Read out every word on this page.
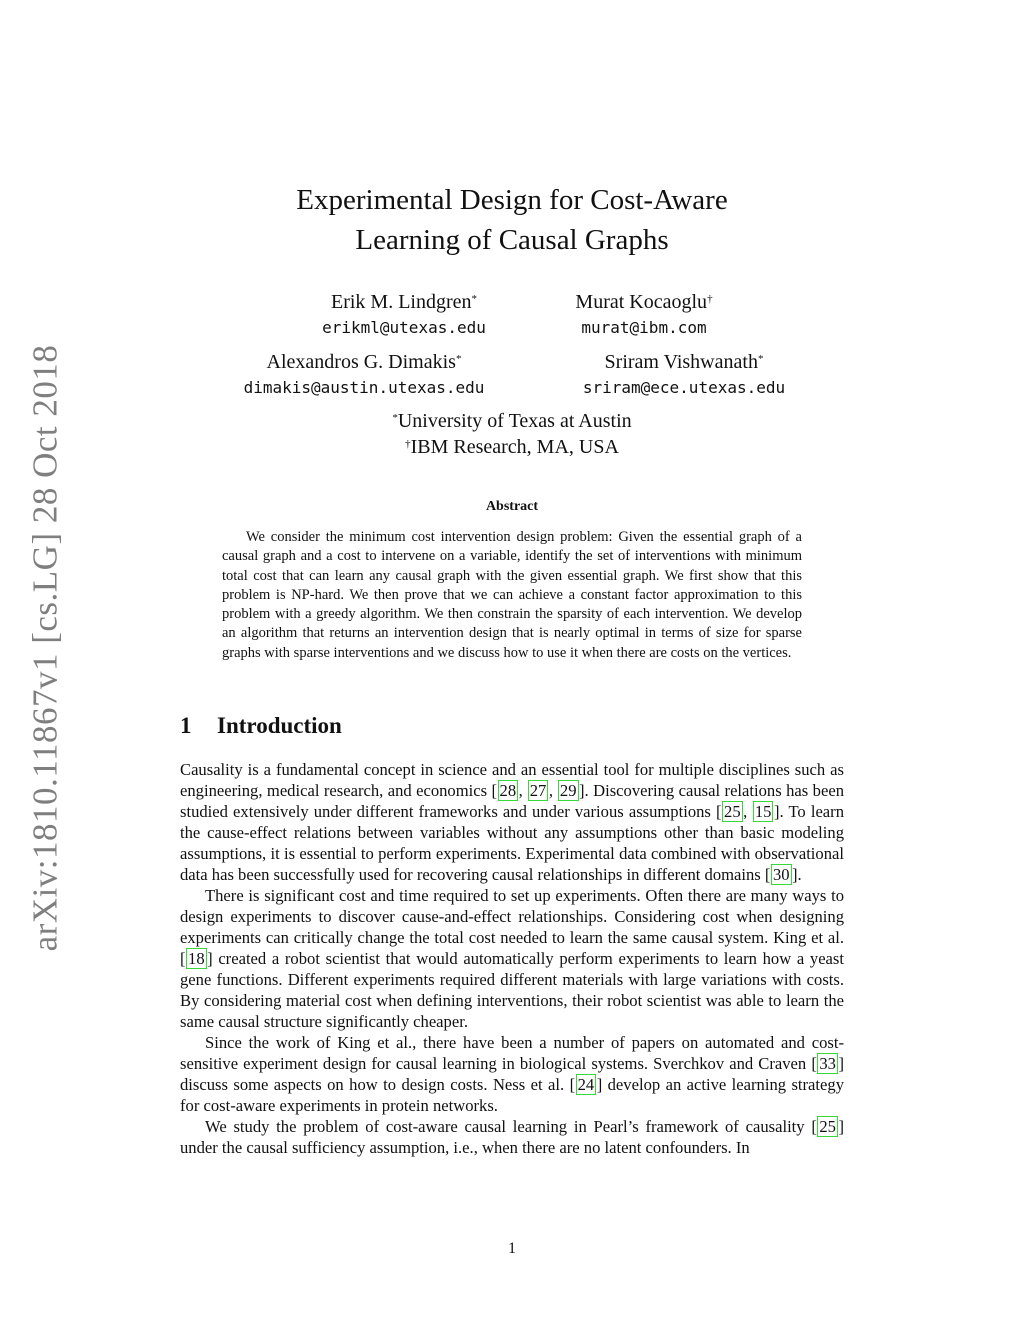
arXiv:1810.11867v1 [cs.LG] 28 Oct 2018
Experimental Design for Cost-Aware
Learning of Causal Graphs
Erik M. Lindgren*
erikml@utexas.edu
Murat Kocaoglu†
murat@ibm.com
Alexandros G. Dimakis*
dimakis@austin.utexas.edu
Sriram Vishwanath*
sriram@ece.utexas.edu
*University of Texas at Austin
†IBM Research, MA, USA
Abstract
We consider the minimum cost intervention design problem: Given the essential graph of a causal graph and a cost to intervene on a variable, identify the set of interventions with minimum total cost that can learn any causal graph with the given essential graph. We first show that this problem is NP-hard. We then prove that we can achieve a constant factor approximation to this problem with a greedy algorithm. We then constrain the sparsity of each intervention. We develop an algorithm that returns an intervention design that is nearly optimal in terms of size for sparse graphs with sparse interventions and we discuss how to use it when there are costs on the vertices.
1 Introduction

Causality is a fundamental concept in science and an essential tool for multiple disciplines such as engineering, medical research, and economics [ 28 , 27 , 29 ]. Discovering causal relations has been studied extensively under different frameworks and under various assumptions [ 25 , 15 ]. To learn the cause-effect relations between variables without any assumptions other than basic modeling assumptions, it is essential to perform experiments. Experimental data combined with observational data has been successfully used for recovering causal relationships in different domains [ 30 ].

There is significant cost and time required to set up experiments. Often there are many ways to design experiments to discover cause-and-effect relationships. Considering cost when designing experiments can critically change the total cost needed to learn the same causal system. King et al. [ 18 ] created a robot scientist that would automatically perform experiments to learn how a yeast gene functions. Different experiments required different materials with large variations with costs. By considering material cost when defining interventions, their robot scientist was able to learn the same causal structure significantly cheaper.

Since the work of King et al., there have been a number of papers on automated and cost-sensitive experiment design for causal learning in biological systems. Sverchkov and Craven [ 33 ] discuss some aspects on how to design costs. Ness et al. [ 24 ] develop an active learning strategy for cost-aware experiments in protein networks.

We study the problem of cost-aware causal learning in Pearl’s framework of causality [ 25 ] under the causal sufficiency assumption, i.e., when there are no latent confounders. In

1
